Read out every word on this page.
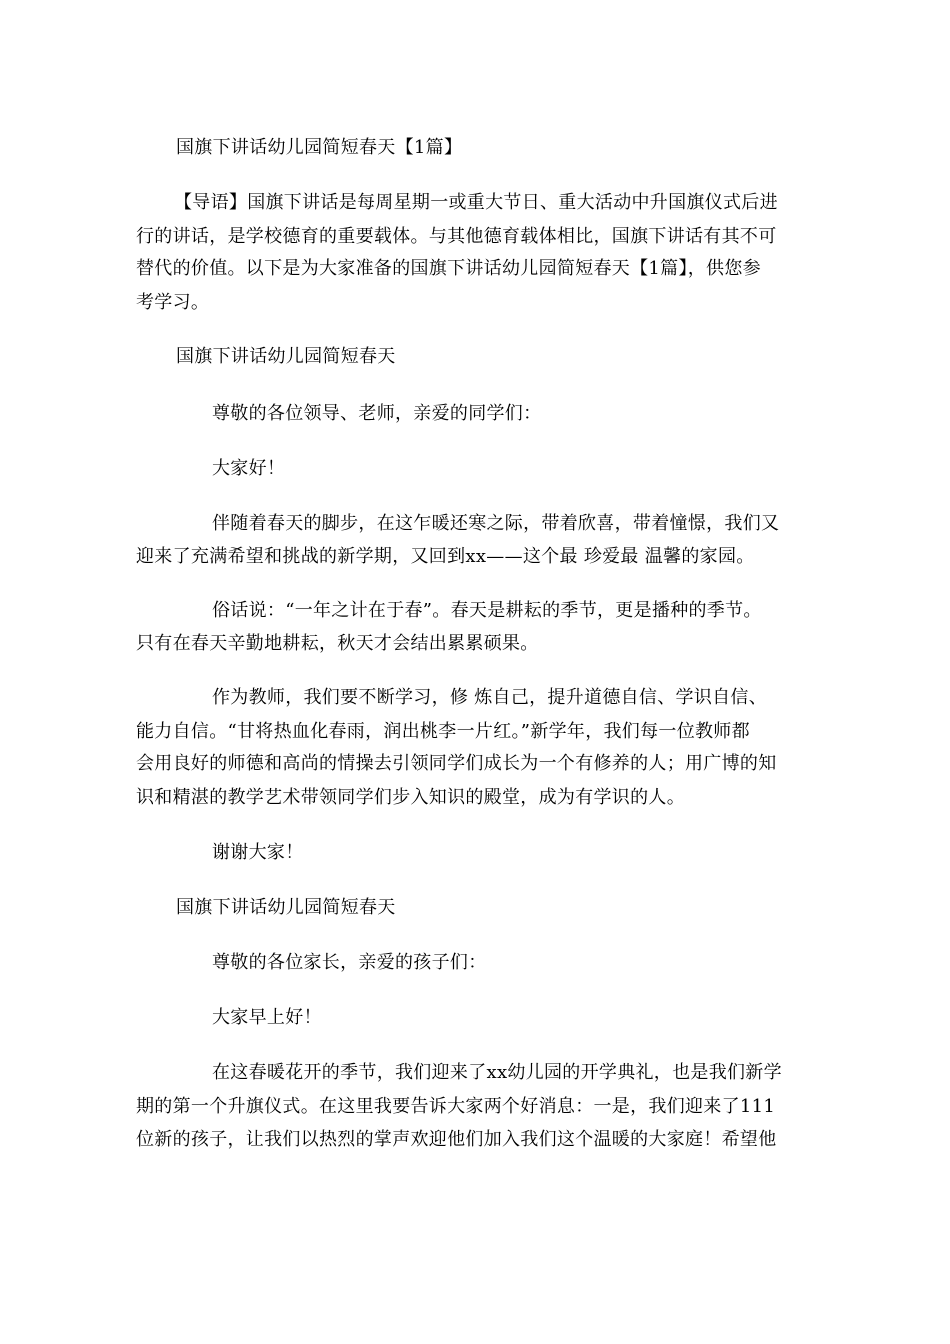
国旗下讲话幼儿园简短春天【1篇】
【导语】国旗下讲话是每周星期一或重大节日、重大活动中升国旗仪式后进
行的讲话，是学校德育的重要载体。与其他德育载体相比，国旗下讲话有其不可
替代的价值。以下是为大家准备的国旗下讲话幼儿园简短春天【1篇】，供您参
考学习。
国旗下讲话幼儿园简短春天
尊敬的各位领导、老师，亲爱的同学们：
大家好！
伴随着春天的脚步，在这乍暖还寒之际，带着欣喜，带着憧憬，我们又
迎来了充满希望和挑战的新学期，又回到xx——这个最 珍爱最 温馨的家园。
俗话说：“一年之计在于春”。春天是耕耘的季节，更是播种的季节。
只有在春天辛勤地耕耘，秋天才会结出累累硕果。
作为教师，我们要不断学习，修 炼自己，提升道德自信、学识自信、
能力自信。“甘将热血化春雨，润出桃李一片红。”新学年，我们每一位教师都
会用良好的师德和高尚的情操去引领同学们成长为一个有修养的人；用广博的知
识和精湛的教学艺术带领同学们步入知识的殿堂，成为有学识的人。
谢谢大家！
国旗下讲话幼儿园简短春天
尊敬的各位家长，亲爱的孩子们：
大家早上好！
在这春暖花开的季节，我们迎来了xx幼儿园的开学典礼，也是我们新学
期的第一个升旗仪式。在这里我要告诉大家两个好消息：一是，我们迎来了111
位新的孩子，让我们以热烈的掌声欢迎他们加入我们这个温暖的大家庭！希望他
